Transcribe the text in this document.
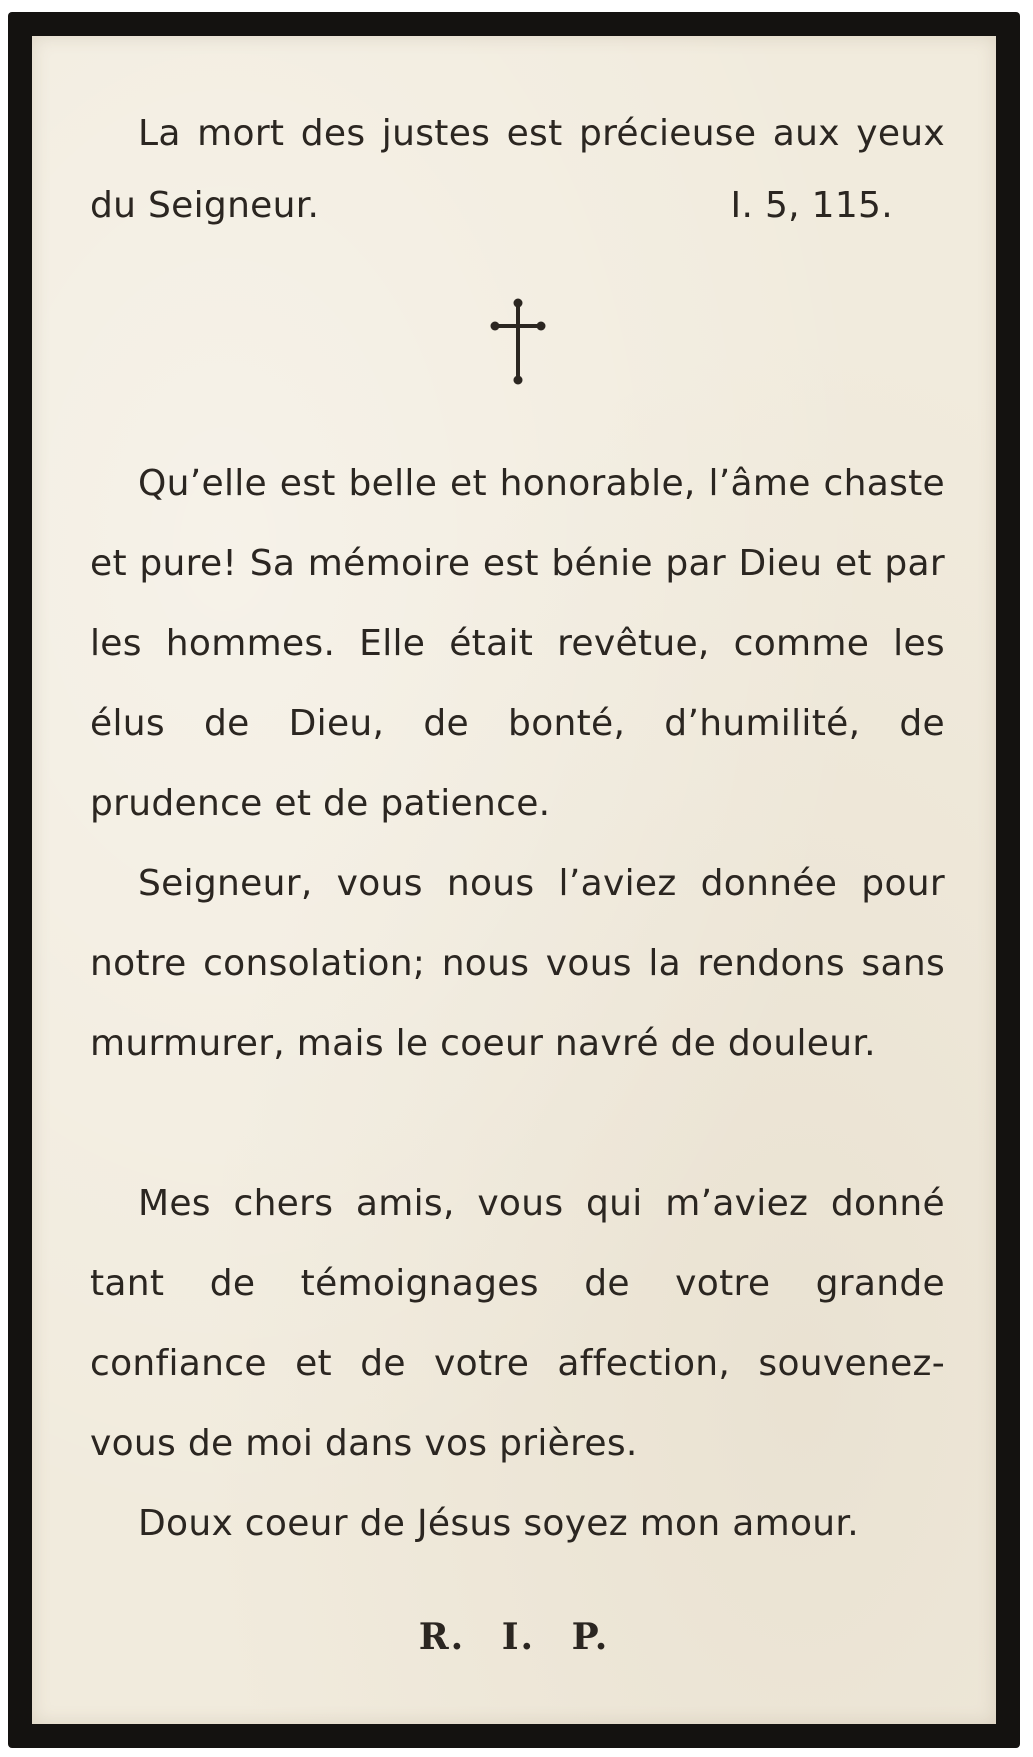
La mort des justes est précieuse aux yeux du Seigneur.	I. 5, 115.

Qu’elle est belle et honorable, l’âme chaste et pure! Sa mémoire est bénie par Dieu et par les hommes. Elle était revêtue, comme les élus de Dieu, de bonté, d’humilité, de prudence et de patience.

Seigneur, vous nous l’aviez donnée pour notre consolation; nous vous la rendons sans murmurer, mais le coeur navré de douleur.

Mes chers amis, vous qui m’aviez donné tant de témoignages de votre grande confiance et de votre affection, souvenez-vous de moi dans vos prières.

Doux coeur de Jésus soyez mon amour.

R. I. P.
